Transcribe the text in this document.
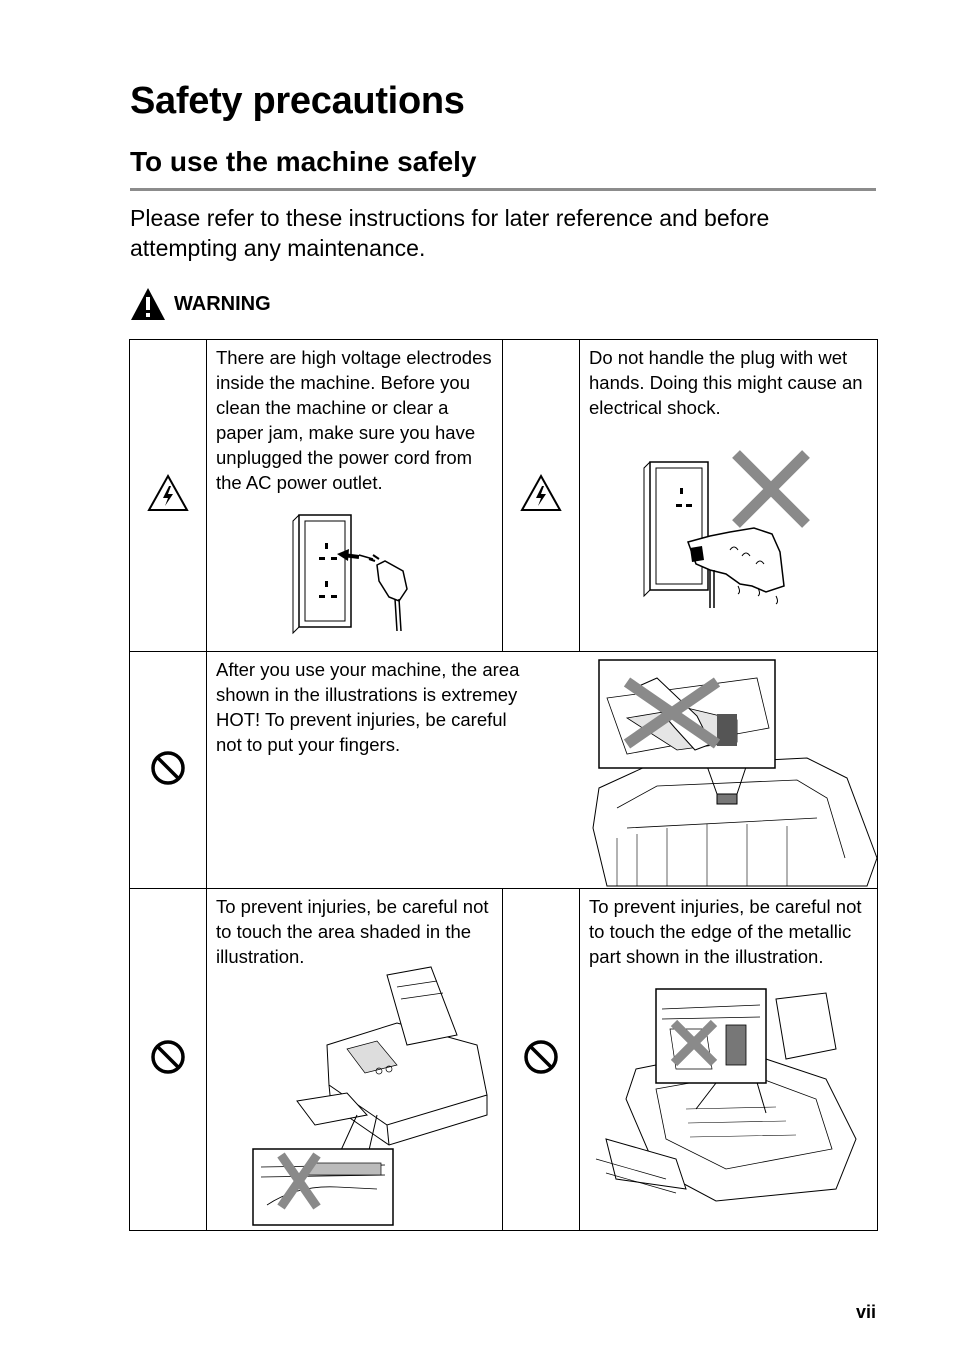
Safety precautions
To use the machine safely

Please refer to these instructions for later reference and before attempting any maintenance.

WARNING

There are high voltage electrodes inside the machine. Before you clean the machine or clear a paper jam, make sure you have unplugged the power cord from the AC power outlet.		Do not handle the plug with wet hands. Doing this might cause an electrical shock.

After you use your machine, the area shown in the illustrations is extremey HOT! To prevent injuries, be careful not to put your fingers.		

To prevent injuries, be careful not to touch the area shaded in the illustration.		To prevent injuries, be careful not to touch the edge of the metallic part shown in the illustration.
vii
